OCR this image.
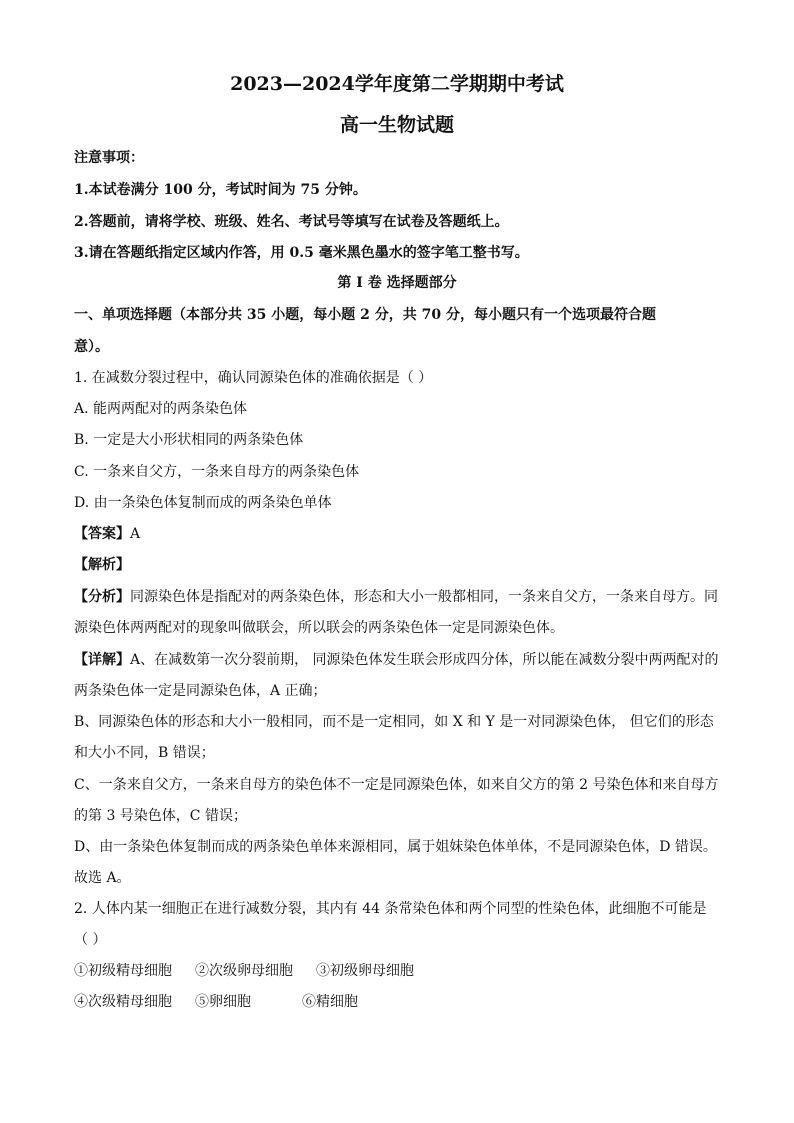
2023—2024学年度第二学期期中考试
高一生物试题
注意事项：
1.本试卷满分 100 分，考试时间为 75 分钟。
2.答题前，请将学校、班级、姓名、考试号等填写在试卷及答题纸上。
3.请在答题纸指定区域内作答，用 0.5 毫米黑色墨水的签字笔工整书写。
第 I 卷 选择题部分
一、单项选择题（本部分共 35 小题，每小题 2 分，共 70 分，每小题只有一个选项最符合题
意）。
1. 在减数分裂过程中，确认同源染色体的准确依据是（ ）
A. 能两两配对的两条染色体
B. 一定是大小形状相同的两条染色体
C. 一条来自父方，一条来自母方的两条染色体
D. 由一条染色体复制而成的两条染色单体
【答案】A
【解析】
【分析】同源染色体是指配对的两条染色体，形态和大小一般都相同，一条来自父方，一条来自母方。同
源染色体两两配对的现象叫做联会，所以联会的两条染色体一定是同源染色体。
【详解】A、在减数第一次分裂前期， 同源染色体发生联会形成四分体，所以能在减数分裂中两两配对的
两条染色体一定是同源染色体，A 正确；
B、同源染色体的形态和大小一般相同，而不是一定相同，如 X 和 Y 是一对同源染色体， 但它们的形态
和大小不同，B 错误；
C、一条来自父方，一条来自母方的染色体不一定是同源染色体，如来自父方的第 2 号染色体和来自母方
的第 3 号染色体，C 错误；
D、由一条染色体复制而成的两条染色单体来源相同，属于姐妹染色体单体，不是同源染色体，D 错误。
故选 A。
2. 人体内某一细胞正在进行减数分裂，其内有 44 条常染色体和两个同型的性染色体，此细胞不可能是
（ ）
①初级精母细胞 ②次级卵母细胞 ③初级卵母细胞
④次级精母细胞 ⑤卵细胞	⑥精细胞
